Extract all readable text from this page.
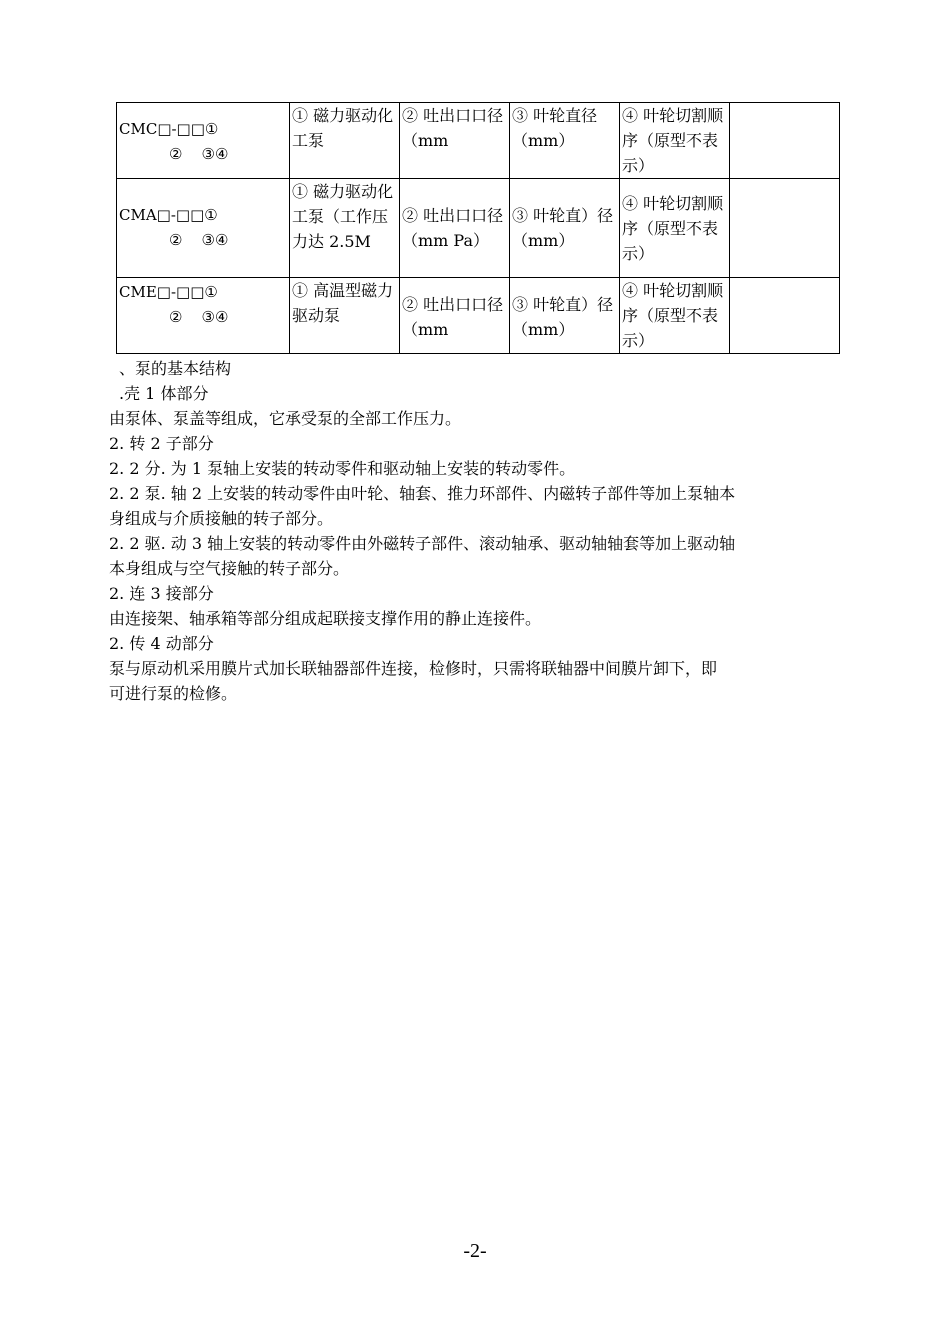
CMC□-□□①
②    ③④	① 磁力驱动化工泵	② 吐出口口径（mm	③ 叶轮直径（mm）	④ 叶轮切割顺序（原型不表示）	

CMA□-□□①
②    ③④	① 磁力驱动化工泵（工作压力达 2.5M	② 吐出口口径（mm Pa）	③ 叶轮直）径（mm）	④ 叶轮切割顺序（原型不表示）	

CME□-□□①
②    ③④	① 高温型磁力驱动泵	② 吐出口口径（mm	③ 叶轮直）径（mm）	④ 叶轮切割顺序（原型不表示）	
、泵的基本结构
.壳 1 体部分
由泵体、泵盖等组成，它承受泵的全部工作压力。
2. 转 2 子部分
2. 2 分. 为 1 泵轴上安装的转动零件和驱动轴上安装的转动零件。
2. 2 泵. 轴 2 上安装的转动零件由叶轮、轴套、推力环部件、内磁转子部件等加上泵轴本
身组成与介质接触的转子部分。
2. 2 驱. 动 3 轴上安装的转动零件由外磁转子部件、滚动轴承、驱动轴轴套等加上驱动轴
本身组成与空气接触的转子部分。
2. 连 3 接部分
由连接架、轴承箱等部分组成起联接支撑作用的静止连接件。
2. 传 4 动部分
泵与原动机采用膜片式加长联轴器部件连接，检修时，只需将联轴器中间膜片卸下，即
可进行泵的检修。
-2-
